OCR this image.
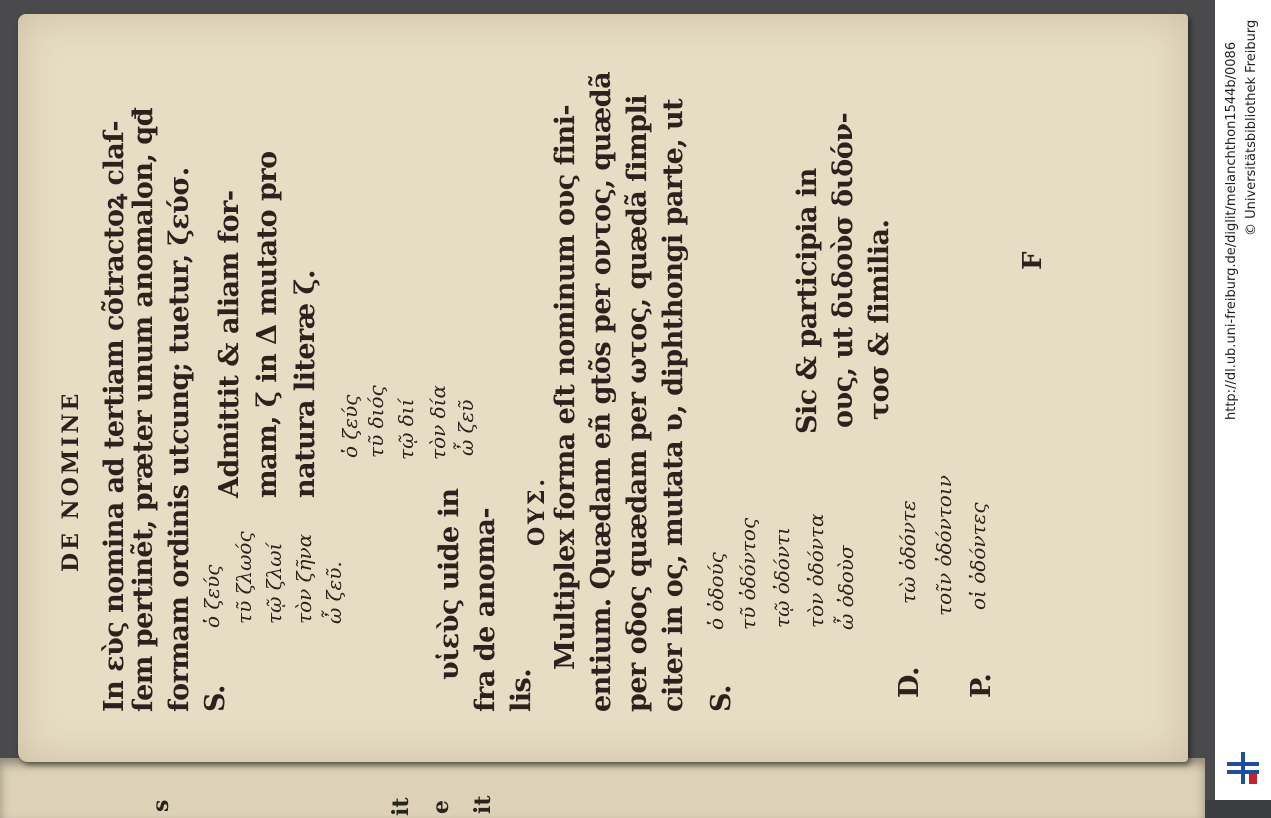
s	it e it
DE NOMINE In εὺς nomina ad tertiam cõtractoꝝ claſ-
ſem pertinẽt, præter unum anomalon, qđ formam ordinis utcunq; tuetur, ζεύσ. S.
ὁ ζεύς τῦ ζλωός τῷ ζλωί τὸν ζῆνα ὦ ζεῦ.
Admittit & aliam for- mam, ζ in Δ mutato pro natura literæ ζ. ὁ ζεύς τῦ διός τῷ διί τὸν δία ὦ ζεῦ
υἱεὺς uide in fra de anoma- lis.
ΟΥΣ. Multiplex forma eſt nominum ους fini- entium. Quædam eñ gtõs per οντος, quædã per οδος quædam per ωτος, quædã ſimpli citer in ος, mutata υ, diphthongi parte, ut S.
ὁ ὀδούς τῦ ὀδόντος τῷ ὀδόντι τὸν ὀδόντα ὦ ὀδοὺσ
Sic & participia in ους, ut διδοὺσ διδόν- τοσ & ſimilia.
D.
τὼ ὀδόντε τοῖν ὀδόντοιν
P.
οἱ ὀδόντες
F	http://dl.ub.uni-freiburg.de/diglit/melanchthon1544b/0086 © Universitätsbibliothek Freiburg
